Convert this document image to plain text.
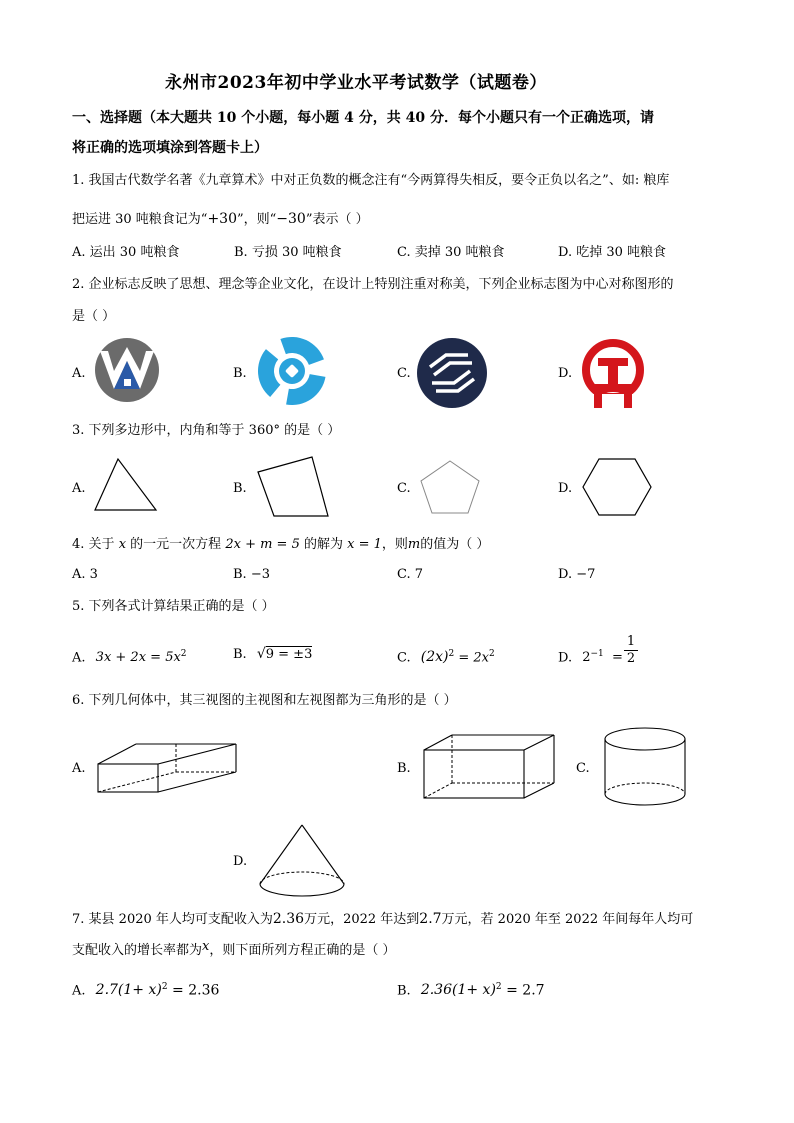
永州市2023年初中学业水平考试数学（试题卷）
一、选择题（本大题共 10 个小题，每小题 4 分，共 40 分．每个小题只有一个正确选项，请
将正确的选项填涂到答题卡上）
1. 我国古代数学名著《九章算术》中对正负数的概念注有“今两算得失相反，要令正负以名之”、如: 粮库
把运进 30 吨粮食记为“+30”，则“−30”表示（ ）
A. 运出 30 吨粮食	B. 亏损 30 吨粮食	C. 卖掉 30 吨粮食	D. 吃掉 30 吨粮食
2. 企业标志反映了思想、理念等企业文化，在设计上特别注重对称美，下列企业标志图为中心对称图形的
是（ ）
A.	B.	C.	D.
3. 下列多边形中，内角和等于 360° 的是（ ）
A.	B.	C.	D.
4. 关于 x 的一元一次方程 2x + m = 5 的解为 x = 1，则m的值为（ ）
A. 3	B. −3	C. 7	D. −7
5. 下列各式计算结果正确的是（ ）
A. $3x + 2x = 5x^2$	B. √9 = ±3	C. $(2x)^2 = 2x^2$	D. $2^{-1} = \frac{1}{2}$
6. 下列几何体中，其三视图的主视图和左视图都为三角形的是（ ）
A.	B.	C.
D.
7. 某县 2020 年人均可支配收入为2.36万元，2022 年达到2.7万元，若 2020 年至 2022 年间每年人均可
支配收入的增长率都为x，则下面所列方程正确的是（ ）
A. $2.7(1+ x)^2 = 2.36$	B. $2.36(1+ x)^2 = 2.7$
